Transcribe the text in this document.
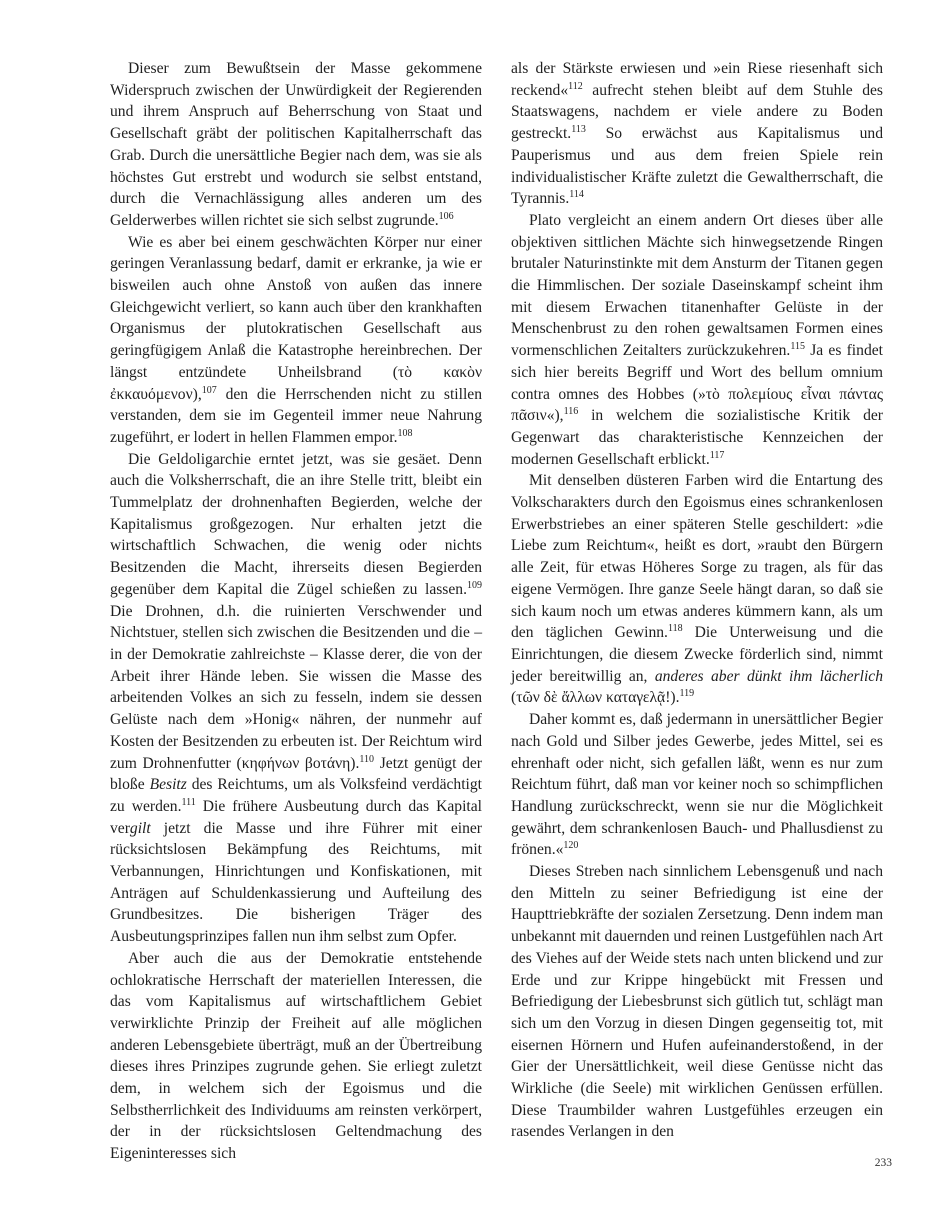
Dieser zum Bewußtsein der Masse gekommene Widerspruch zwischen der Unwürdigkeit der Regierenden und ihrem Anspruch auf Beherrschung von Staat und Gesellschaft gräbt der politischen Kapitalherrschaft das Grab. Durch die unersättliche Begier nach dem, was sie als höchstes Gut erstrebt und wodurch sie selbst entstand, durch die Vernachlässigung alles anderen um des Gelderwerbes willen richtet sie sich selbst zugrunde.$^{106}$

Wie es aber bei einem geschwächten Körper nur einer geringen Veranlassung bedarf, damit er erkranke, ja wie er bisweilen auch ohne Anstoß von außen das innere Gleichgewicht verliert, so kann auch über den krankhaften Organismus der plutokratischen Gesellschaft aus geringfügigem Anlaß die Katastrophe hereinbrechen. Der längst entzündete Unheilsbrand (τὸ κακὸν ἐκκαυόμενον),$^{107}$ den die Herrschenden nicht zu stillen verstanden, dem sie im Gegenteil immer neue Nahrung zugeführt, er lodert in hellen Flammen empor.$^{108}$

Die Geldoligarchie erntet jetzt, was sie gesäet. Denn auch die Volksherrschaft, die an ihre Stelle tritt, bleibt ein Tummelplatz der drohnenhaften Begierden, welche der Kapitalismus großgezogen. Nur erhalten jetzt die wirtschaftlich Schwachen, die wenig oder nichts Besitzenden die Macht, ihrerseits diesen Begierden gegenüber dem Kapital die Zügel schießen zu lassen.$^{109}$ Die Drohnen, d.h. die ruinierten Verschwender und Nichtstuer, stellen sich zwischen die Besitzenden und die – in der Demokratie zahlreichste – Klasse derer, die von der Arbeit ihrer Hände leben. Sie wissen die Masse des arbeitenden Volkes an sich zu fesseln, indem sie dessen Gelüste nach dem »Honig« nähren, der nunmehr auf Kosten der Besitzenden zu erbeuten ist. Der Reichtum wird zum Drohnenfutter (κηφήνων βοτάνη).$^{110}$ Jetzt genügt der bloße Besitz des Reichtums, um als Volksfeind verdächtigt zu werden.$^{111}$ Die frühere Ausbeutung durch das Kapital vergilt jetzt die Masse und ihre Führer mit einer rücksichtslosen Bekämpfung des Reichtums, mit Verbannungen, Hinrichtungen und Konfiskationen, mit Anträgen auf Schuldenkassierung und Aufteilung des Grundbesitzes. Die bisherigen Träger des Ausbeutungsprinzipes fallen nun ihm selbst zum Opfer.

Aber auch die aus der Demokratie entstehende ochlokratische Herrschaft der materiellen Interessen, die das vom Kapitalismus auf wirtschaftlichem Gebiet verwirklichte Prinzip der Freiheit auf alle möglichen anderen Lebensgebiete überträgt, muß an der Übertreibung dieses ihres Prinzipes zugrunde gehen. Sie erliegt zuletzt dem, in welchem sich der Egoismus und die Selbstherrlichkeit des Individuums am reinsten verkörpert, der in der rücksichtslosen Geltendmachung des Eigeninteresses sich

als der Stärkste erwiesen und »ein Riese riesenhaft sich reckend«$^{112}$ aufrecht stehen bleibt auf dem Stuhle des Staatswagens, nachdem er viele andere zu Boden gestreckt.$^{113}$ So erwächst aus Kapitalismus und Pauperismus und aus dem freien Spiele rein individualistischer Kräfte zuletzt die Gewaltherrschaft, die Tyrannis.$^{114}$

Plato vergleicht an einem andern Ort dieses über alle objektiven sittlichen Mächte sich hinwegsetzende Ringen brutaler Naturinstinkte mit dem Ansturm der Titanen gegen die Himmlischen. Der soziale Daseinskampf scheint ihm mit diesem Erwachen titanenhafter Gelüste in der Menschenbrust zu den rohen gewaltsamen Formen eines vormenschlichen Zeitalters zurückzukehren.$^{115}$ Ja es findet sich hier bereits Begriff und Wort des bellum omnium contra omnes des Hobbes (»τὸ πολεμίους εἶναι πάντας πᾶσιν«),$^{116}$ in welchem die sozialistische Kritik der Gegenwart das charakteristische Kennzeichen der modernen Gesellschaft erblickt.$^{117}$

Mit denselben düsteren Farben wird die Entartung des Volkscharakters durch den Egoismus eines schrankenlosen Erwerbstriebes an einer späteren Stelle geschildert: »die Liebe zum Reichtum«, heißt es dort, »raubt den Bürgern alle Zeit, für etwas Höheres Sorge zu tragen, als für das eigene Vermögen. Ihre ganze Seele hängt daran, so daß sie sich kaum noch um etwas anderes kümmern kann, als um den täglichen Gewinn.$^{118}$ Die Unterweisung und die Einrichtungen, die diesem Zwecke förderlich sind, nimmt jeder bereitwillig an, anderes aber dünkt ihm lächerlich (τῶν δὲ ἄλλων καταγελᾷ!).$^{119}$

Daher kommt es, daß jedermann in unersättlicher Begier nach Gold und Silber jedes Gewerbe, jedes Mittel, sei es ehrenhaft oder nicht, sich gefallen läßt, wenn es nur zum Reichtum führt, daß man vor keiner noch so schimpflichen Handlung zurückschreckt, wenn sie nur die Möglichkeit gewährt, dem schrankenlosen Bauch- und Phallusdienst zu frönen.«$^{120}$

Dieses Streben nach sinnlichem Lebensgenuß und nach den Mitteln zu seiner Befriedigung ist eine der Haupttriebkräfte der sozialen Zersetzung. Denn indem man unbekannt mit dauernden und reinen Lustgefühlen nach Art des Viehes auf der Weide stets nach unten blickend und zur Erde und zur Krippe hingebückt mit Fressen und Befriedigung der Liebesbrunst sich gütlich tut, schlägt man sich um den Vorzug in diesen Dingen gegenseitig tot, mit eisernen Hörnern und Hufen aufeinanderstoßend, in der Gier der Unersättlichkeit, weil diese Genüsse nicht das Wirkliche (die Seele) mit wirklichen Genüssen erfüllen. Diese Traumbilder wahren Lustgefühles erzeugen ein rasendes Verlangen in den

233
